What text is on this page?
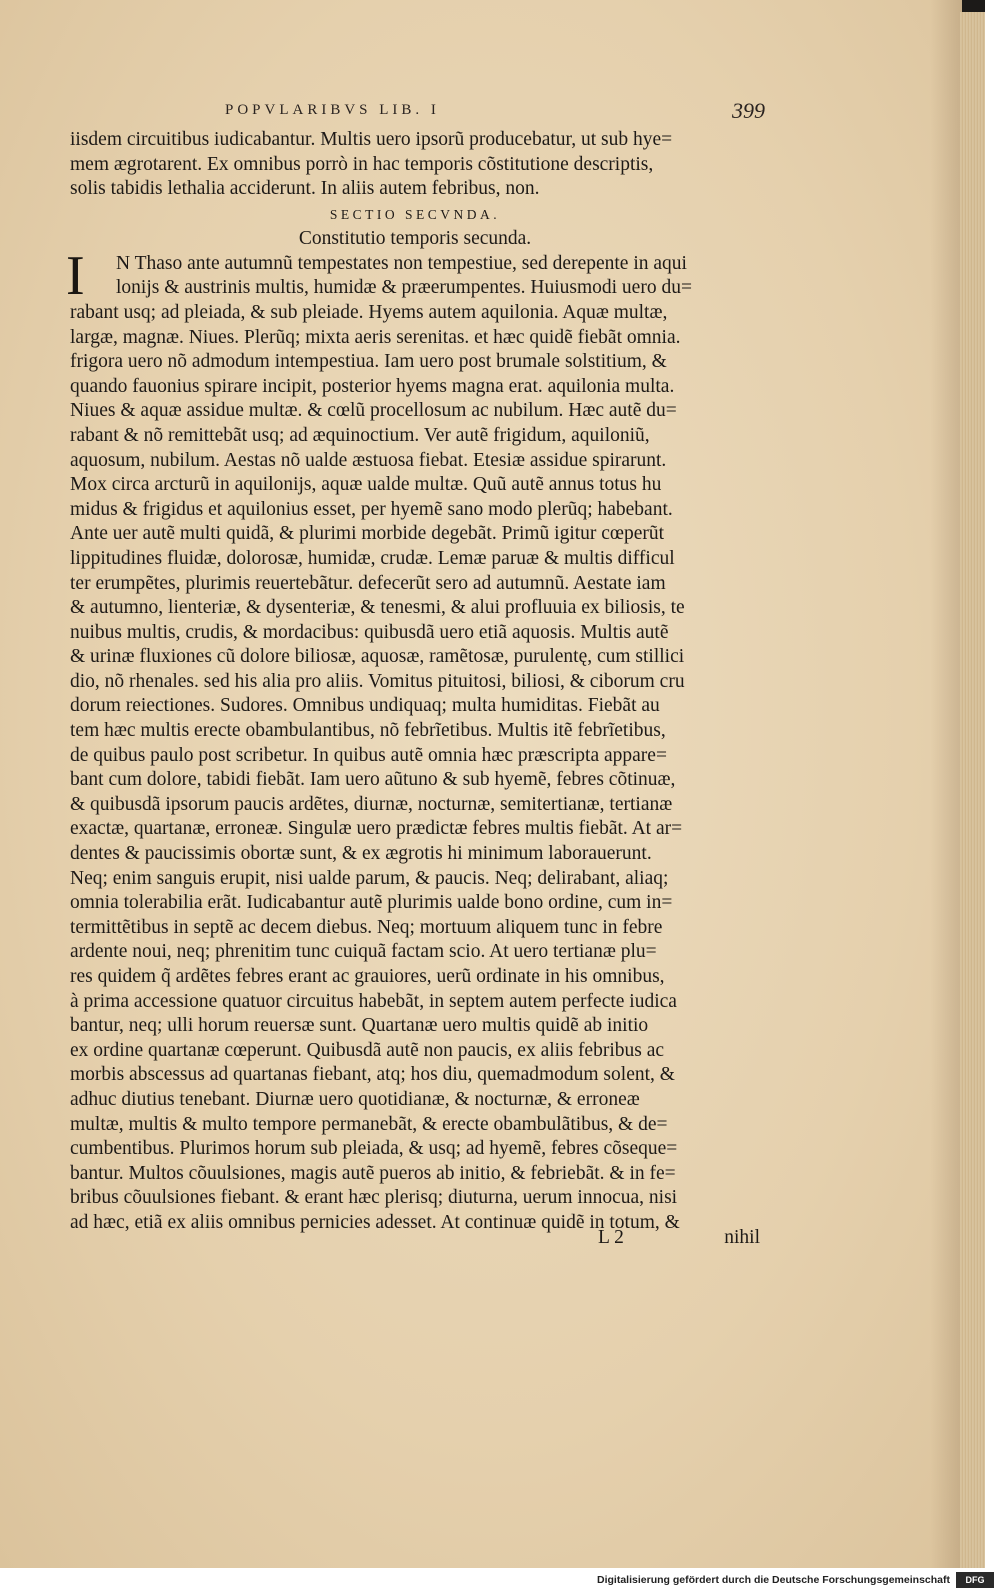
POPVLARIBVS LIB. I	399
iisdem circuitibus iudicabantur. Multis uero ipsorũ producebatur, ut sub hye=
mem ægrotarent. Ex omnibus porrò in hac temporis cõstitutione descriptis,
solis tabidis lethalia acciderunt. In aliis autem febribus, non.
SECTIO SECVNDA.
Constitutio temporis secunda.
I N Thaso ante autumnũ tempestates non tempestiue, sed derepente in aqui
lonijs & austrinis multis, humidæ & præerumpentes. Huiusmodi uero du=
rabant usq; ad pleiada, & sub pleiade. Hyems autem aquilonia. Aquæ multæ,
largæ, magnæ. Niues. Plerũq; mixta aeris serenitas. et hæc quidẽ fiebãt omnia.
frigora uero nõ admodum intempestiua. Iam uero post brumale solstitium, &
quando fauonius spirare incipit, posterior hyems magna erat. aquilonia multa.
Niues & aquæ assidue multæ. & cœlũ procellosum ac nubilum. Hæc autẽ du=
rabant & nõ remittebãt usq; ad æquinoctium. Ver autẽ frigidum, aquiloniũ,
aquosum, nubilum. Aestas nõ ualde æstuosa fiebat. Etesiæ assidue spirarunt.
Mox circa arcturũ in aquilonijs, aquæ ualde multæ. Quũ autẽ annus totus hu
midus & frigidus et aquilonius esset, per hyemẽ sano modo plerũq; habebant.
Ante uer autẽ multi quidã, & plurimi morbide degebãt. Primũ igitur cœperũt
lippitudines fluidæ, dolorosæ, humidæ, crudæ. Lemæ paruæ & multis difficul
ter erumpẽtes, plurimis reuertebãtur. defecerũt sero ad autumnũ. Aestate iam
& autumno, lienteriæ, & dysenteriæ, & tenesmi, & alui profluuia ex biliosis, te
nuibus multis, crudis, & mordacibus: quibusdã uero etiã aquosis. Multis autẽ
& urinæ fluxiones cũ dolore biliosæ, aquosæ, ramẽtosæ, purulentę, cum stillici
dio, nõ rhenales. sed his alia pro aliis. Vomitus pituitosi, biliosi, & ciborum cru
dorum reiectiones. Sudores. Omnibus undiquaq; multa humiditas. Fiebãt au
tem hæc multis erecte obambulantibus, nõ febrĩetibus. Multis itẽ febrĩetibus,
de quibus paulo post scribetur. In quibus autẽ omnia hæc præscripta appare=
bant cum dolore, tabidi fiebãt. Iam uero aũtuno & sub hyemẽ, febres cõtinuæ,
& quibusdã ipsorum paucis ardẽtes, diurnæ, nocturnæ, semitertianæ, tertianæ
exactæ, quartanæ, erroneæ. Singulæ uero prædictæ febres multis fiebãt. At ar=
dentes & paucissimis obortæ sunt, & ex ægrotis hi minimum laborauerunt.
Neq; enim sanguis erupit, nisi ualde parum, & paucis. Neq; delirabant, aliaq;
omnia tolerabilia erãt. Iudicabantur autẽ plurimis ualde bono ordine, cum in=
termittẽtibus in septẽ ac decem diebus. Neq; mortuum aliquem tunc in febre
ardente noui, neq; phrenitim tunc cuiquã factam scio. At uero tertianæ plu=
res quidem q̃ ardẽtes febres erant ac grauiores, uerũ ordinate in his omnibus,
à prima accessione quatuor circuitus habebãt, in septem autem perfecte iudica
bantur, neq; ulli horum reuersæ sunt. Quartanæ uero multis quidẽ ab initio
ex ordine quartanæ cœperunt. Quibusdã autẽ non paucis, ex aliis febribus ac
morbis abscessus ad quartanas fiebant, atq; hos diu, quemadmodum solent, &
adhuc diutius tenebant. Diurnæ uero quotidianæ, & nocturnæ, & erroneæ
multæ, multis & multo tempore permanebãt, & erecte obambulãtibus, & de=
cumbentibus. Plurimos horum sub pleiada, & usq; ad hyemẽ, febres cõseque=
bantur. Multos cõuulsiones, magis autẽ pueros ab initio, & febriebãt. & in fe=
bribus cõuulsiones fiebant. & erant hæc plerisq; diuturna, uerum innocua, nisi
ad hæc, etiã ex aliis omnibus pernicies adesset. At continuæ quidẽ in totum, &
L 2	nihil
Digitalisierung gefördert durch die Deutsche Forschungsgemeinschaft	DFG
